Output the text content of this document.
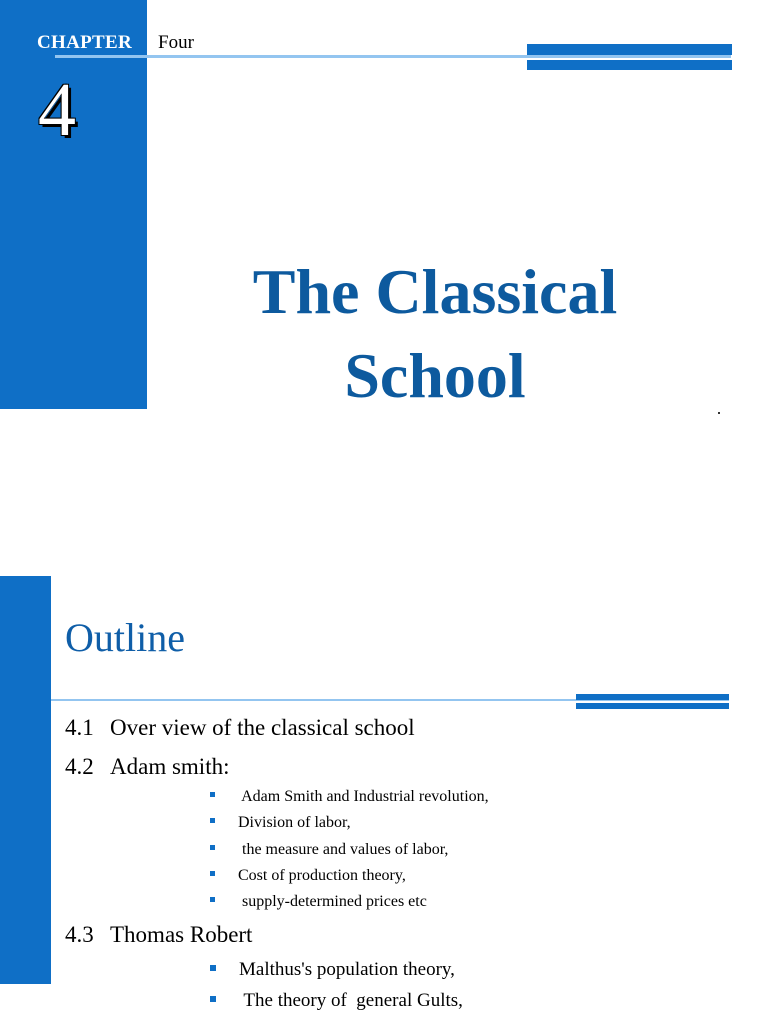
CHAPTER Four
4
The Classical
School
Outline
4.1 Over view of the classical school
4.2 Adam smith:
Adam Smith and Industrial revolution,
Division of labor,
the measure and values of labor,
Cost of production theory,
supply-determined prices etc
4.3 Thomas Robert
Malthus's population theory,
The theory of  general Gults,
